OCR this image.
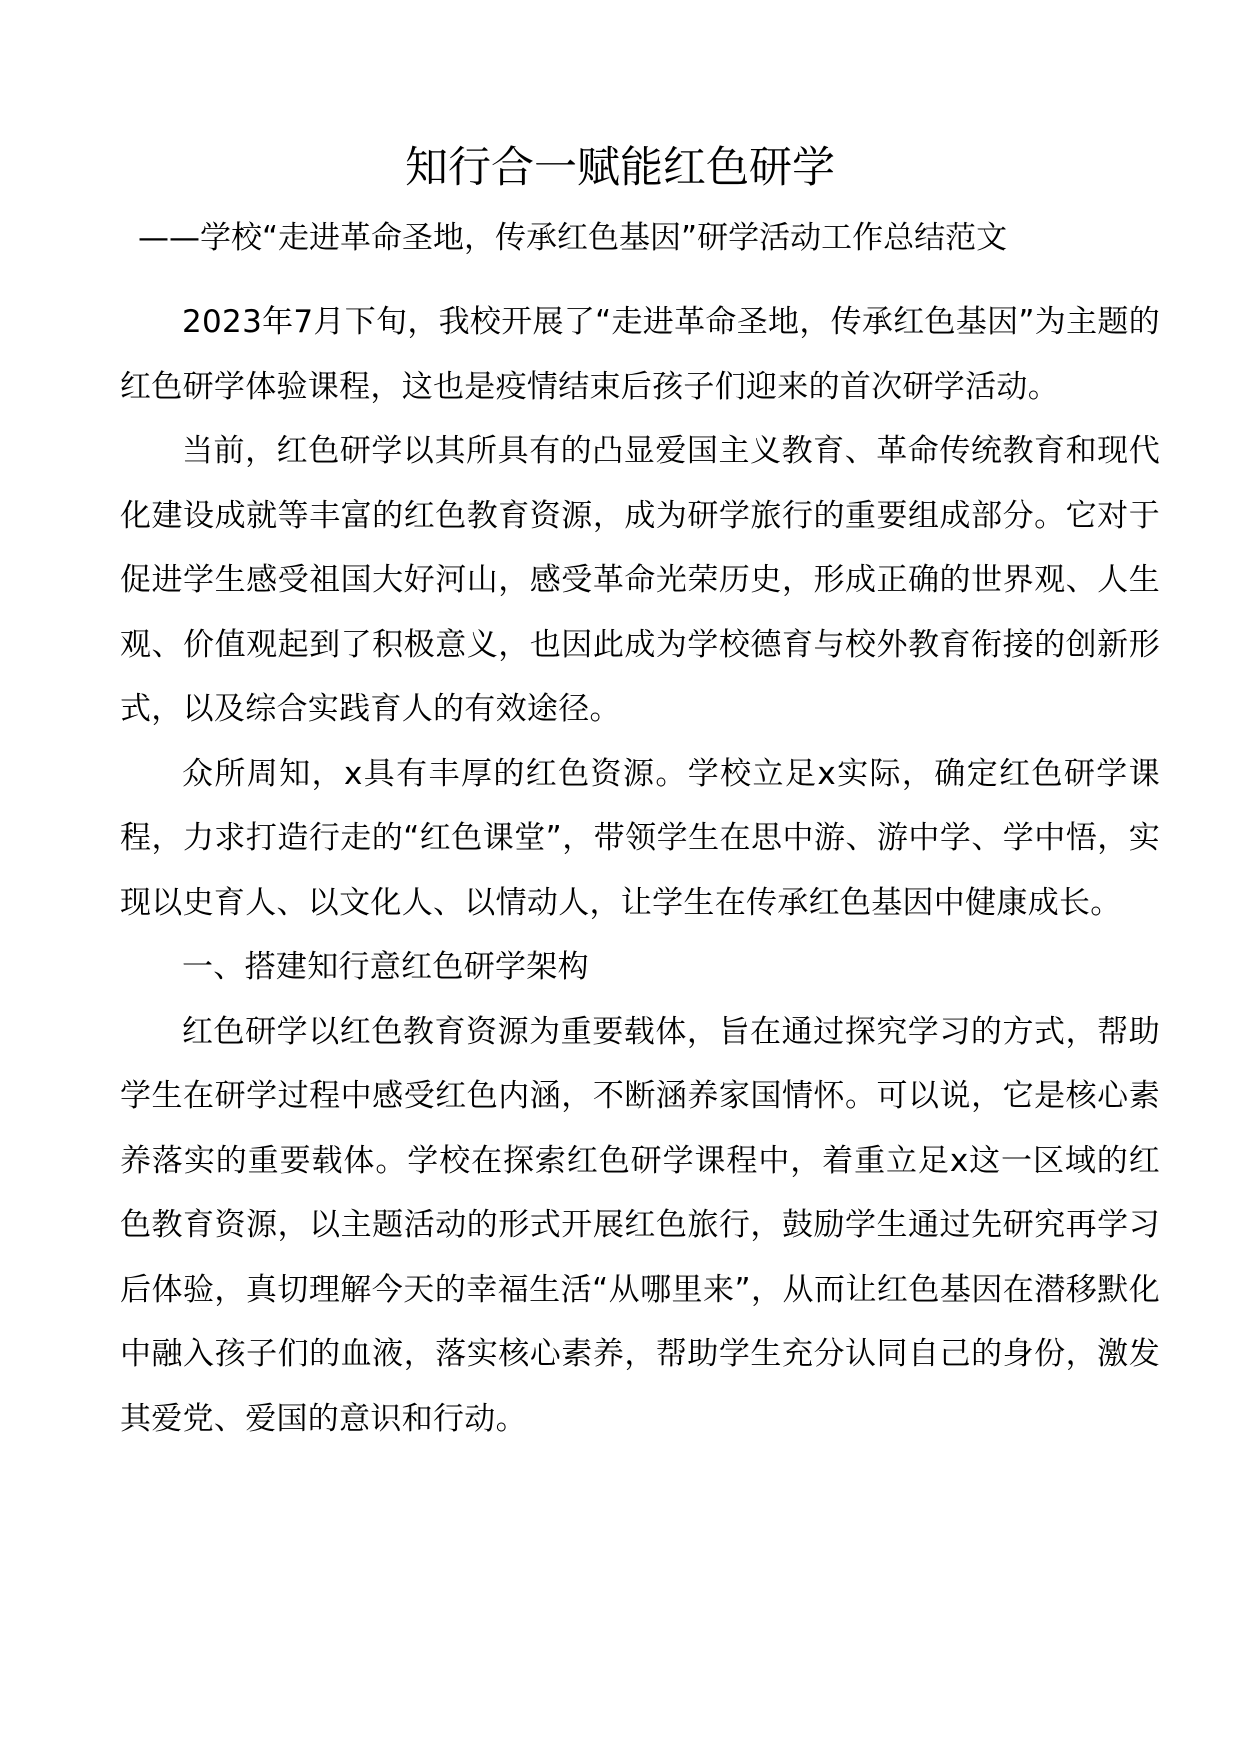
知行合一赋能红色研学
——学校“走进革命圣地，传承红色基因”研学活动工作总结范文

2023年7月下旬，我校开展了“走进革命圣地，传承红色基因”为主题的红色研学体验课程，这也是疫情结束后孩子们迎来的首次研学活动。

当前，红色研学以其所具有的凸显爱国主义教育、革命传统教育和现代化建设成就等丰富的红色教育资源，成为研学旅行的重要组成部分。它对于促进学生感受祖国大好河山，感受革命光荣历史，形成正确的世界观、人生观、价值观起到了积极意义，也因此成为学校德育与校外教育衔接的创新形式，以及综合实践育人的有效途径。

众所周知，x具有丰厚的红色资源。学校立足x实际，确定红色研学课程，力求打造行走的“红色课堂”，带领学生在思中游、游中学、学中悟，实现以史育人、以文化人、以情动人，让学生在传承红色基因中健康成长。

一、搭建知行意红色研学架构

红色研学以红色教育资源为重要载体，旨在通过探究学习的方式，帮助学生在研学过程中感受红色内涵，不断涵养家国情怀。可以说，它是核心素养落实的重要载体。学校在探索红色研学课程中，着重立足x这一区域的红色教育资源，以主题活动的形式开展红色旅行，鼓励学生通过先研究再学习后体验，真切理解今天的幸福生活“从哪里来”，从而让红色基因在潜移默化中融入孩子们的血液，落实核心素养，帮助学生充分认同自己的身份，激发其爱党、爱国的意识和行动。
